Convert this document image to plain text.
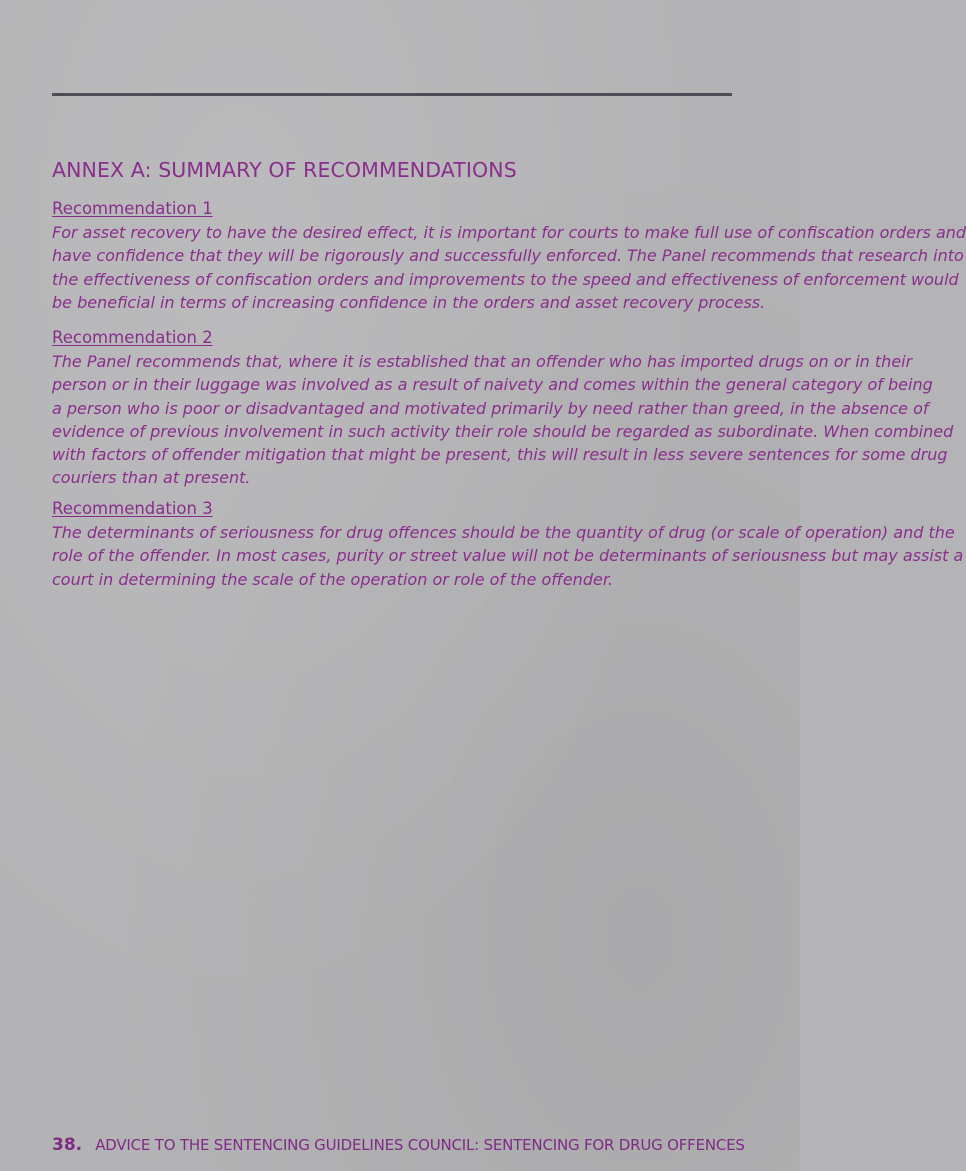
ANNEX A: SUMMARY OF RECOMMENDATIONS
Recommendation 1

For asset recovery to have the desired effect, it is important for courts to make full use of confiscation orders and
have confidence that they will be rigorously and successfully enforced. The Panel recommends that research into
the effectiveness of confiscation orders and improvements to the speed and effectiveness of enforcement would
be beneficial in terms of increasing confidence in the orders and asset recovery process.

Recommendation 2

The Panel recommends that, where it is established that an offender who has imported drugs on or in their
person or in their luggage was involved as a result of naivety and comes within the general category of being
a person who is poor or disadvantaged and motivated primarily by need rather than greed, in the absence of
evidence of previous involvement in such activity their role should be regarded as subordinate. When combined
with factors of offender mitigation that might be present, this will result in less severe sentences for some drug
couriers than at present.

Recommendation 3

The determinants of seriousness for drug offences should be the quantity of drug (or scale of operation) and the
role of the offender. In most cases, purity or street value will not be determinants of seriousness but may assist a
court in determining the scale of the operation or role of the offender.

38. ADVICE TO THE SENTENCING GUIDELINES COUNCIL: SENTENCING FOR DRUG OFFENCES
